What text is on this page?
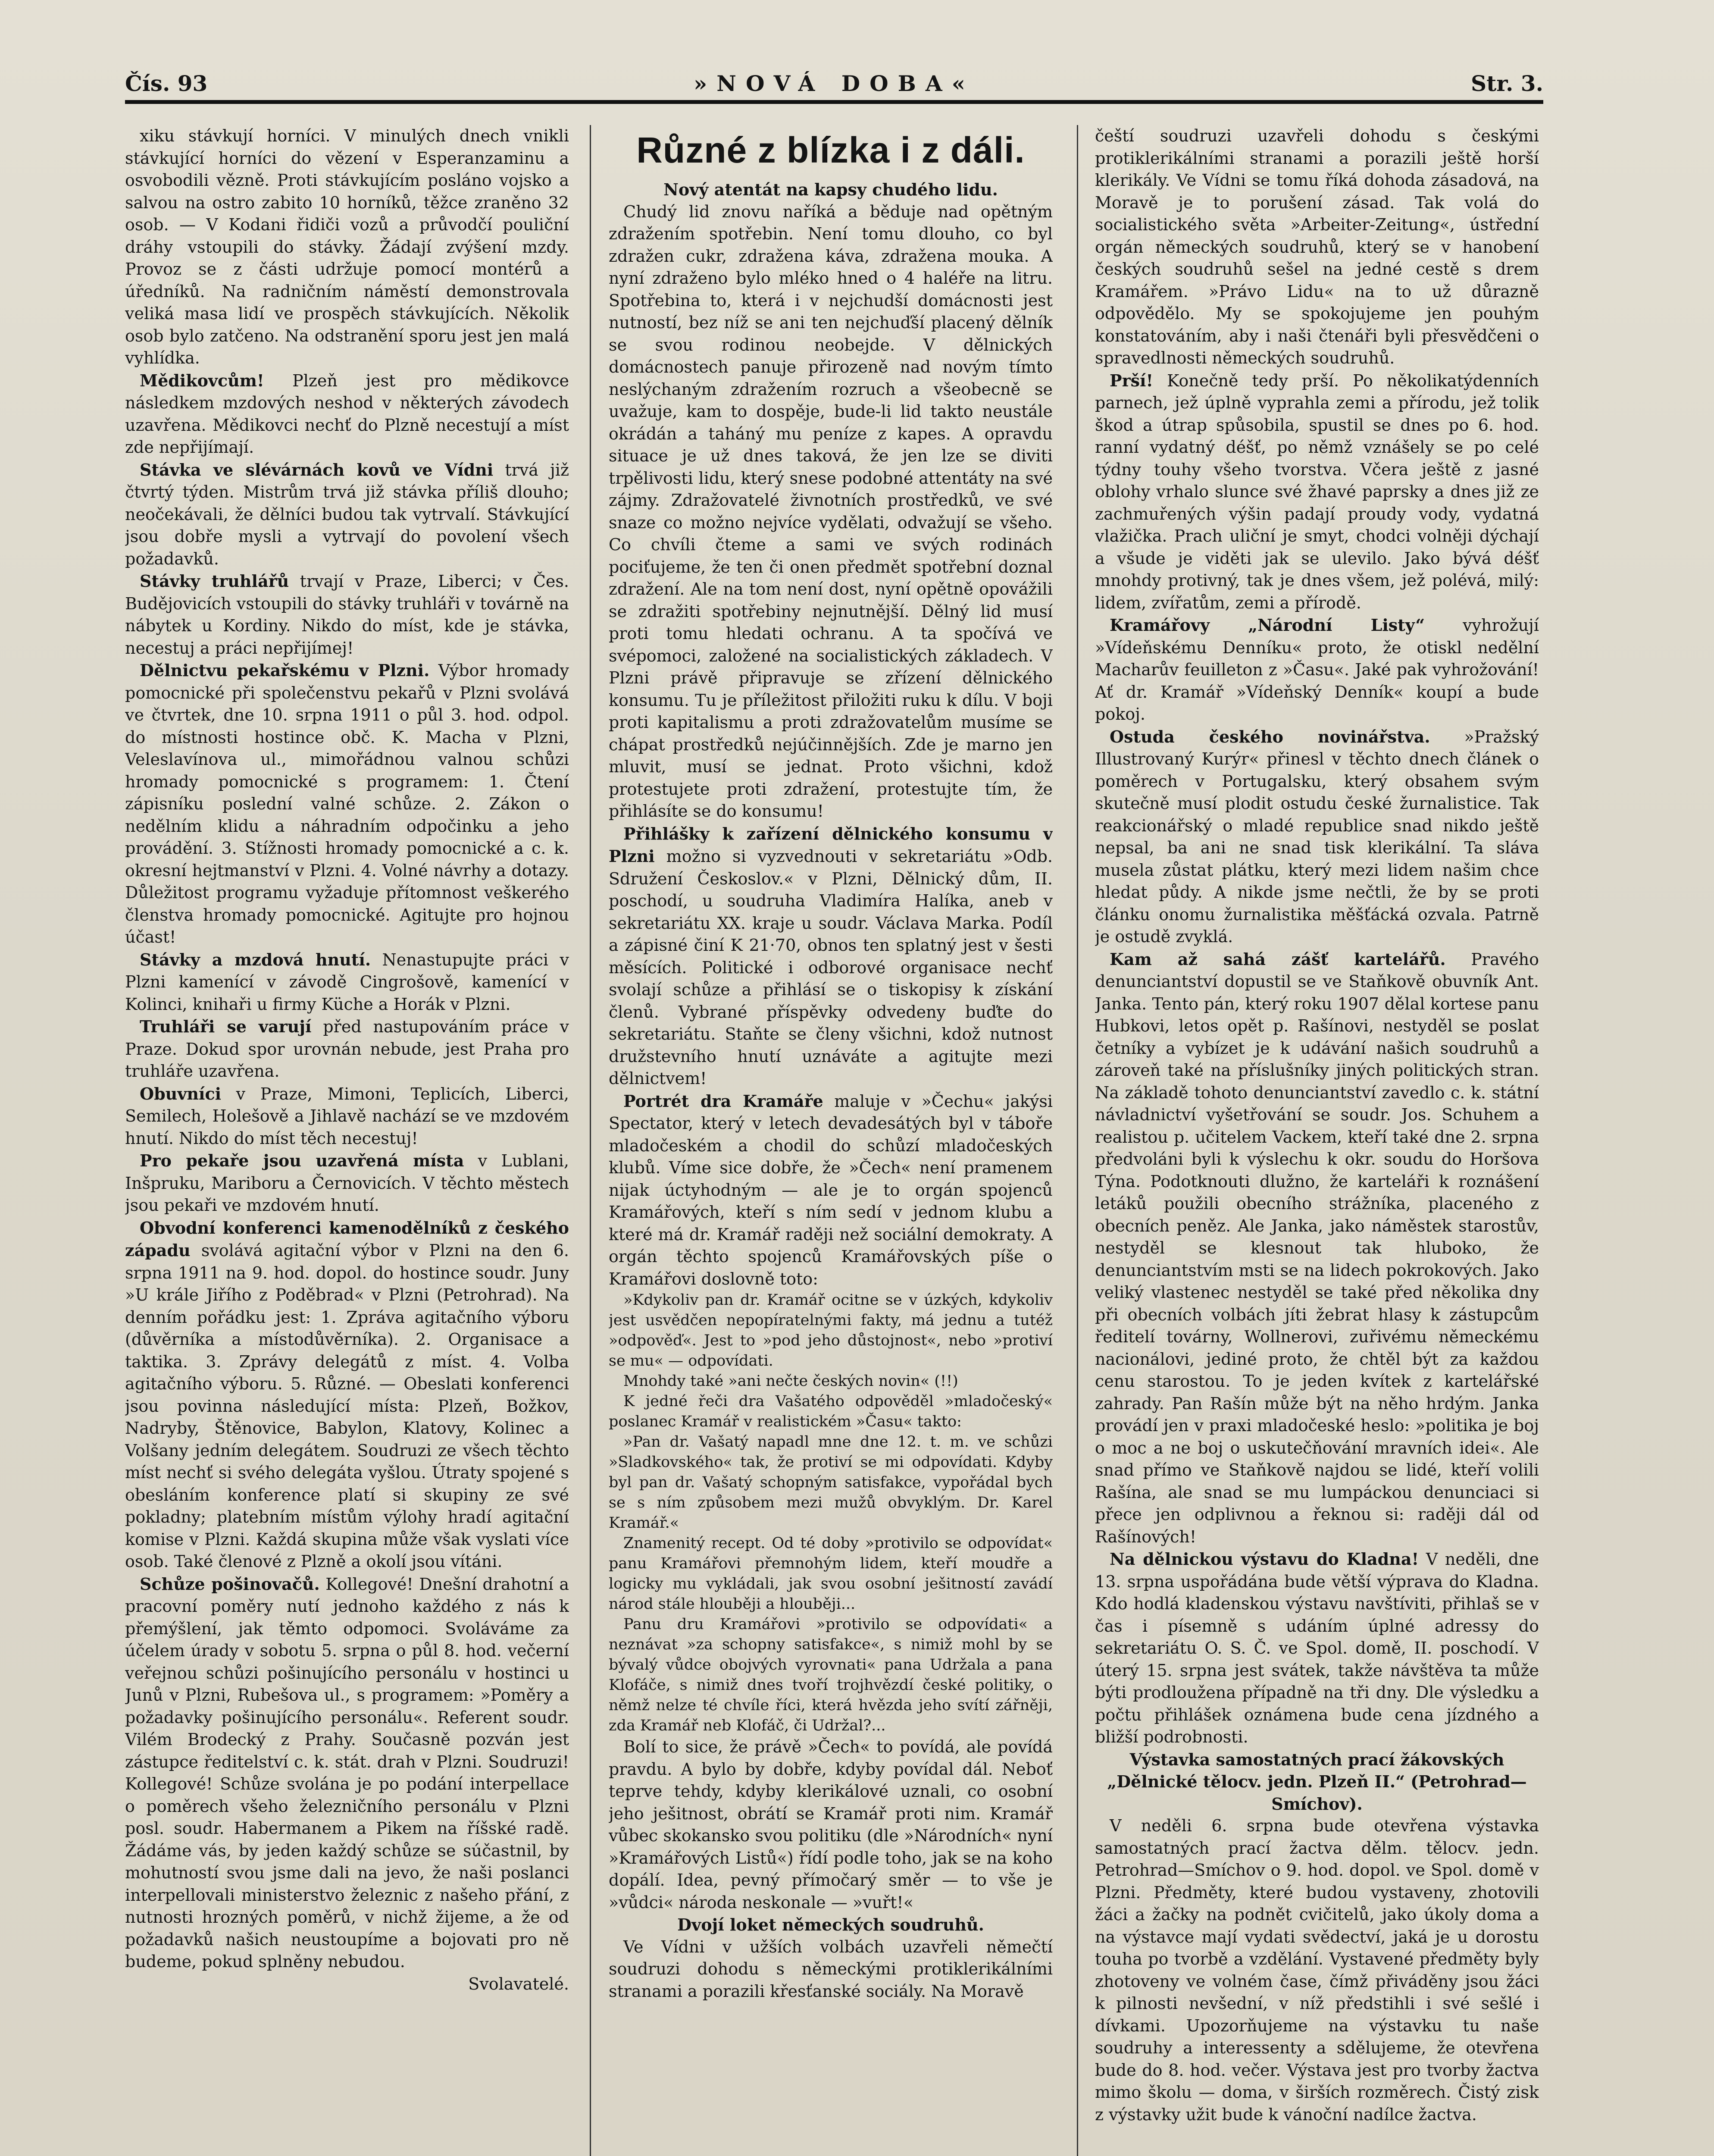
Čís. 93	»NOVÁ DOBA«	Str. 3.

xiku stávkují horníci. V minulých dnech vnikli stávkující horníci do vězení v Esperanzaminu a osvobodili vězně. Proti stávkujícím posláno vojsko a salvou na ostro zabito 10 horníků, těžce zraněno 32 osob. — V Kodani řidiči vozů a průvodčí pouliční dráhy vstoupili do stávky. Žádají zvýšení mzdy. Provoz se z části udržuje pomocí montérů a úředníků. Na radničním náměstí demonstrovala veliká masa lidí ve prospěch stávkujících. Několik osob bylo zatčeno. Na odstranění sporu jest jen malá vyhlídka.

Mědikovcům! Plzeň jest pro mědikovce následkem mzdových neshod v některých závodech uzavřena. Mědikovci nechť do Plzně necestují a míst zde nepřijímají.

Stávka ve slévárnách kovů ve Vídni trvá již čtvrtý týden. Mistrům trvá již stávka příliš dlouho; neočekávali, že dělníci budou tak vytrvalí. Stávkující jsou dobře mysli a vytrvají do povolení všech požadavků.

Stávky truhlářů trvají v Praze, Liberci; v Čes. Budějovicích vstoupili do stávky truhláři v továrně na nábytek u Kordiny. Nikdo do míst, kde je stávka, necestuj a práci nepřijímej!

Dělnictvu pekařskému v Plzni. Výbor hromady pomocnické při společenstvu pekařů v Plzni svolává ve čtvrtek, dne 10. srpna 1911 o půl 3. hod. odpol. do místnosti hostince obč. K. Macha v Plzni, Veleslavínova ul., mimořádnou valnou schůzi hromady pomocnické s programem: 1. Čtení zápisníku poslední valné schůze. 2. Zákon o nedělním klidu a náhradním odpočinku a jeho provádění. 3. Stížnosti hromady pomocnické a c. k. okresní hejtmanství v Plzni. 4. Volné návrhy a dotazy. Důležitost programu vyžaduje přítomnost veškerého členstva hromady pomocnické. Agitujte pro hojnou účast!

Stávky a mzdová hnutí. Nenastupujte práci v Plzni kamenící v závodě Cingrošově, kamenící v Kolinci, knihaři u firmy Küche a Horák v Plzni.

Truhláři se varují před nastupováním práce v Praze. Dokud spor urovnán nebude, jest Praha pro truhláře uzavřena.

Obuvníci v Praze, Mimoni, Teplicích, Liberci, Semilech, Holešově a Jihlavě nachází se ve mzdovém hnutí. Nikdo do míst těch necestuj!

Pro pekaře jsou uzavřená místa v Lublani, Inšpruku, Mariboru a Černovicích. V těchto městech jsou pekaři ve mzdovém hnutí.

Obvodní konferenci kamenodělníků z českého západu svolává agitační výbor v Plzni na den 6. srpna 1911 na 9. hod. dopol. do hostince soudr. Juny »U krále Jiřího z Poděbrad« v Plzni (Petrohrad). Na denním pořádku jest: 1. Zpráva agitačního výboru (důvěrníka a místodůvěrníka). 2. Organisace a taktika. 3. Zprávy delegátů z míst. 4. Volba agitačního výboru. 5. Různé. — Obeslati konferenci jsou povinna následující místa: Plzeň, Božkov, Nadryby, Štěnovice, Babylon, Klatovy, Kolinec a Volšany jedním delegátem. Soudruzi ze všech těchto míst nechť si svého delegáta vyšlou. Útraty spojené s obesláním konference platí si skupiny ze své pokladny; platebním místům výlohy hradí agitační komise v Plzni. Každá skupina může však vyslati více osob. Také členové z Plzně a okolí jsou vítáni.

Schůze pošinovačů. Kollegové! Dnešní drahotní a pracovní poměry nutí jednoho každého z nás k přemýšlení, jak těmto odpomoci. Svoláváme za účelem úrady v sobotu 5. srpna o půl 8. hod. večerní veřejnou schůzi pošinujícího personálu v hostinci u Junů v Plzni, Rubešova ul., s programem: »Poměry a požadavky pošinujícího personálu«. Referent soudr. Vilém Brodecký z Prahy. Současně pozván jest zástupce ředitelství c. k. stát. drah v Plzni. Soudruzi! Kollegové! Schůze svolána je po podání interpellace o poměrech všeho železničního personálu v Plzni posl. soudr. Habermanem a Pikem na říšské radě. Žádáme vás, by jeden každý schůze se súčastnil, by mohutností svou jsme dali na jevo, že naši poslanci interpellovali ministerstvo železnic z našeho přání, z nutnosti hrozných poměrů, v nichž žijeme, a že od požadavků našich neustoupíme a bojovati pro ně budeme, pokud splněny nebudou.

Svolavatelé.

Různé z blízka i z dáli.

Nový atentát na kapsy chudého lidu.

Chudý lid znovu naříká a běduje nad opětným zdražením spotřebin. Není tomu dlouho, co byl zdražen cukr, zdražena káva, zdražena mouka. A nyní zdraženo bylo mléko hned o 4 haléře na litru. Spotřebina to, která i v nejchudší domácnosti jest nutností, bez níž se ani ten nejchuďší placený dělník se svou rodinou neobejde. V dělnických domácnostech panuje přirozeně nad novým tímto neslýchaným zdražením rozruch a všeobecně se uvažuje, kam to dospěje, bude-li lid takto neustále okrádán a taháný mu peníze z kapes. A opravdu situace je už dnes taková, že jen lze se diviti trpělivosti lidu, který snese podobné attentáty na své zájmy. Zdražovatelé živnotních prostředků, ve své snaze co možno nejvíce vydělati, odvažují se všeho. Co chvíli čteme a sami ve svých rodinách pociťujeme, že ten či onen předmět spotřební doznal zdražení. Ale na tom není dost, nyní opětně opovážili se zdražiti spotřebiny nejnutnější. Dělný lid musí proti tomu hledati ochranu. A ta spočívá ve svépomoci, založené na socialistických základech. V Plzni právě připravuje se zřízení dělnického konsumu. Tu je příležitost přiložiti ruku k dílu. V boji proti kapitalismu a proti zdražovatelům musíme se chápat prostředků nejúčinnějších. Zde je marno jen mluvit, musí se jednat. Proto všichni, kdož protestujete proti zdražení, protestujte tím, že přihlásíte se do konsumu!

Přihlášky k zařízení dělnického konsumu v Plzni možno si vyzvednouti v sekretariátu »Odb. Sdružení Českoslov.« v Plzni, Dělnický dům, II. poschodí, u soudruha Vladimíra Halíka, aneb v sekretariátu XX. kraje u soudr. Václava Marka. Podíl a zápisné činí K 21·70, obnos ten splatný jest v šesti měsících. Politické i odborové organisace nechť svolají schůze a přihlásí se o tiskopisy k získání členů. Vybrané příspěvky odvedeny buďte do sekretariátu. Staňte se členy všichni, kdož nutnost družstevního hnutí uznáváte a agitujte mezi dělnictvem!

Portrét dra Kramáře maluje v »Čechu« jakýsi Spectator, který v letech devadesátých byl v táboře mladočeském a chodil do schůzí mladočeských klubů. Víme sice dobře, že »Čech« není pramenem nijak úctyhodným — ale je to orgán spojenců Kramářových, kteří s ním sedí v jednom klubu a které má dr. Kramář raději než sociální demokraty. A orgán těchto spojenců Kramářovských píše o Kramářovi doslovně toto:

»Kdykoliv pan dr. Kramář ocitne se v úzkých, kdykoliv jest usvědčen nepopíratelnými fakty, má jednu a tutéž »odpověď«. Jest to »pod jeho důstojnost«, nebo »protiví se mu« — odpovídati.

Mnohdy také »ani nečte českých novin« (!!)

K jedné řeči dra Vašatého odpověděl »mladočeský« poslanec Kramář v realistickém »Času« takto:

»Pan dr. Vašatý napadl mne dne 12. t. m. ve schůzi »Sladkovského« tak, že protiví se mi odpovídati. Kdyby byl pan dr. Vašatý schopným satisfakce, vypořádal bych se s ním způsobem mezi mužů obvyklým. Dr. Karel Kramář.«

Znamenitý recept. Od té doby »protivilo se odpovídat« panu Kramářovi přemnohým lidem, kteří moudře a logicky mu vykládali, jak svou osobní ješitností zavádí národ stále hlouběji a hlouběji...

Panu dru Kramářovi »protivilo se odpovídati« a neznávat »za schopny satisfakce«, s nimiž mohl by se bývalý vůdce obojvých vyrovnati« pana Udržala a pana Klofáče, s nimiž dnes tvoří trojhvězdí české politiky, o němž nelze té chvíle říci, která hvězda jeho svítí zářněji, zda Kramář neb Klofáč, či Udržal?...

Bolí to sice, že právě »Čech« to povídá, ale povídá pravdu. A bylo by dobře, kdyby povídal dál. Neboť teprve tehdy, kdyby klerikálové uznali, co osobní jeho ješitnost, obrátí se Kramář proti nim. Kramář vůbec skokansko svou politiku (dle »Národních« nyní »Kramářových Listů«) řídí podle toho, jak se na koho dopálí. Idea, pevný přímočarý směr — to vše je »vůdci« národa neskonale — »vuřt!«

Dvojí loket německých soudruhů.

Ve Vídni v užších volbách uzavřeli němečtí soudruzi dohodu s německými protiklerikálními stranami a porazili křesťanské sociály. Na Moravě

čeští soudruzi uzavřeli dohodu s českými protiklerikálními stranami a porazili ještě horší klerikály. Ve Vídni se tomu říká dohoda zásadová, na Moravě je to porušení zásad. Tak volá do socialistického světa »Arbeiter-Zeitung«, ústřední orgán německých soudruhů, který se v hanobení českých soudruhů sešel na jedné cestě s drem Kramářem. »Právo Lidu« na to už důrazně odpovědělo. My se spokojujeme jen pouhým konstatováním, aby i naši čtenáři byli přesvědčeni o spravedlnosti německých soudruhů.

Prší! Konečně tedy prší. Po několikatýdenních parnech, jež úplně vyprahla zemi a přírodu, jež tolik škod a útrap spůsobila, spustil se dnes po 6. hod. ranní vydatný déšť, po němž vznášely se po celé týdny touhy všeho tvorstva. Včera ještě z jasné oblohy vrhalo slunce své žhavé paprsky a dnes již ze zachmuřených výšin padají proudy vody, vydatná vlažička. Prach uliční je smyt, chodci volněji dýchají a všude je viděti jak se ulevilo. Jako bývá déšť mnohdy protivný, tak je dnes všem, jež polévá, milý: lidem, zvířatům, zemi a přírodě.

Kramářovy „Národní Listy“ vyhrožují »Vídeňskému Denníku« proto, že otiskl nedělní Macharův feuilleton z »Času«. Jaké pak vyhrožování! Ať dr. Kramář »Vídeňský Denník« koupí a bude pokoj.

Ostuda českého novinářstva. »Pražský Illustrovaný Kurýr« přinesl v těchto dnech článek o poměrech v Portugalsku, který obsahem svým skutečně musí plodit ostudu české žurnalistice. Tak reakcionářský o mladé republice snad nikdo ještě nepsal, ba ani ne snad tisk klerikální. Ta sláva musela zůstat plátku, který mezi lidem našim chce hledat půdy. A nikde jsme nečtli, že by se proti článku onomu žurnalistika měšťácká ozvala. Patrně je ostudě zvyklá.

Kam až sahá zášť kartelářů. Pravého denunciantství dopustil se ve Staňkově obuvník Ant. Janka. Tento pán, který roku 1907 dělal kortese panu Hubkovi, letos opět p. Rašínovi, nestyděl se poslat četníky a vybízet je k udávání našich soudruhů a zároveň také na příslušníky jiných politických stran. Na základě tohoto denunciantství zavedlo c. k. státní návladnictví vyšetřování se soudr. Jos. Schuhem a realistou p. učitelem Vackem, kteří také dne 2. srpna předvoláni byli k výslechu k okr. soudu do Horšova Týna. Podotknouti dlužno, že karteláři k roznášení letáků použili obecního strážníka, placeného z obecních peněz. Ale Janka, jako náměstek starostův, nestyděl se klesnout tak hluboko, že denunciantstvím msti se na lidech pokrokových. Jako veliký vlastenec nestyděl se také před několika dny při obecních volbách jíti žebrat hlasy k zástupcům ředitelí továrny, Wollnerovi, zuřivému německému nacionálovi, jediné proto, že chtěl být za každou cenu starostou. To je jeden kvítek z kartelářské zahrady. Pan Rašín může být na něho hrdým. Janka provádí jen v praxi mladočeské heslo: »politika je boj o moc a ne boj o uskutečňování mravních idei«. Ale snad přímo ve Staňkově najdou se lidé, kteří volili Rašína, ale snad se mu lumpáckou denunciaci si přece jen odplivnou a řeknou si: raději dál od Rašínových!

Na dělnickou výstavu do Kladna! V neděli, dne 13. srpna uspořádána bude větší výprava do Kladna. Kdo hodlá kladenskou výstavu navštíviti, přihlaš se v čas i písemně s udáním úplné adressy do sekretariátu O. S. Č. ve Spol. domě, II. poschodí. V úterý 15. srpna jest svátek, takže návštěva ta může býti prodloužena případně na tři dny. Dle výsledku a počtu přihlášek oznámena bude cena jízdného a bližší podrobnosti.

Výstavka samostatných prací žákovských „Dělnické tělocv. jedn. Plzeň II.“ (Petrohrad—Smíchov).

V neděli 6. srpna bude otevřena výstavka samostatných prací žactva dělm. tělocv. jedn. Petrohrad—Smíchov o 9. hod. dopol. ve Spol. domě v Plzni. Předměty, které budou vystaveny, zhotovili žáci a žačky na podnět cvičitelů, jako úkoly doma a na výstavce mají vydati svědectví, jaká je u dorostu touha po tvorbě a vzdělání. Vystavené předměty byly zhotoveny ve volném čase, čímž přiváděny jsou žáci k pilnosti nevšední, v níž předstihli i své sešlé i dívkami. Upozorňujeme na výstavku tu naše soudruhy a interessenty a sdělujeme, že otevřena bude do 8. hod. večer. Výstava jest pro tvorby žactva mimo školu — doma, v širších rozměrech. Čistý zisk z výstavky užit bude k vánoční nadílce žactva.
